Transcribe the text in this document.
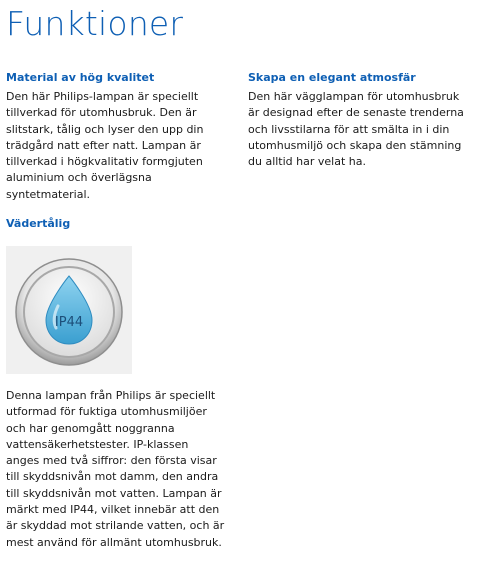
Funktioner
Material av hög kvalitet

Den här Philips-lampan är speciellt
tillverkad för utomhusbruk. Den är
slitstark, tålig och lyser den upp din
trädgård natt efter natt. Lampan är
tillverkad i högkvalitativ formgjuten
aluminium och överlägsna
syntetmaterial.

Skapa en elegant atmosfär

Den här vägglampan för utomhusbruk
är designad efter de senaste trenderna
och livsstilarna för att smälta in i din
utomhusmiljö och skapa den stämning
du alltid har velat ha.

Vädertålig
IP44

Denna lampan från Philips är speciellt
utformad för fuktiga utomhusmiljöer
och har genomgått noggranna
vattensäkerhetstester. IP-klassen
anges med två siffror: den första visar
till skyddsnivån mot damm, den andra
till skyddsnivån mot vatten. Lampan är
märkt med IP44, vilket innebär att den
är skyddad mot strilande vatten, och är
mest använd för allmänt utomhusbruk.
